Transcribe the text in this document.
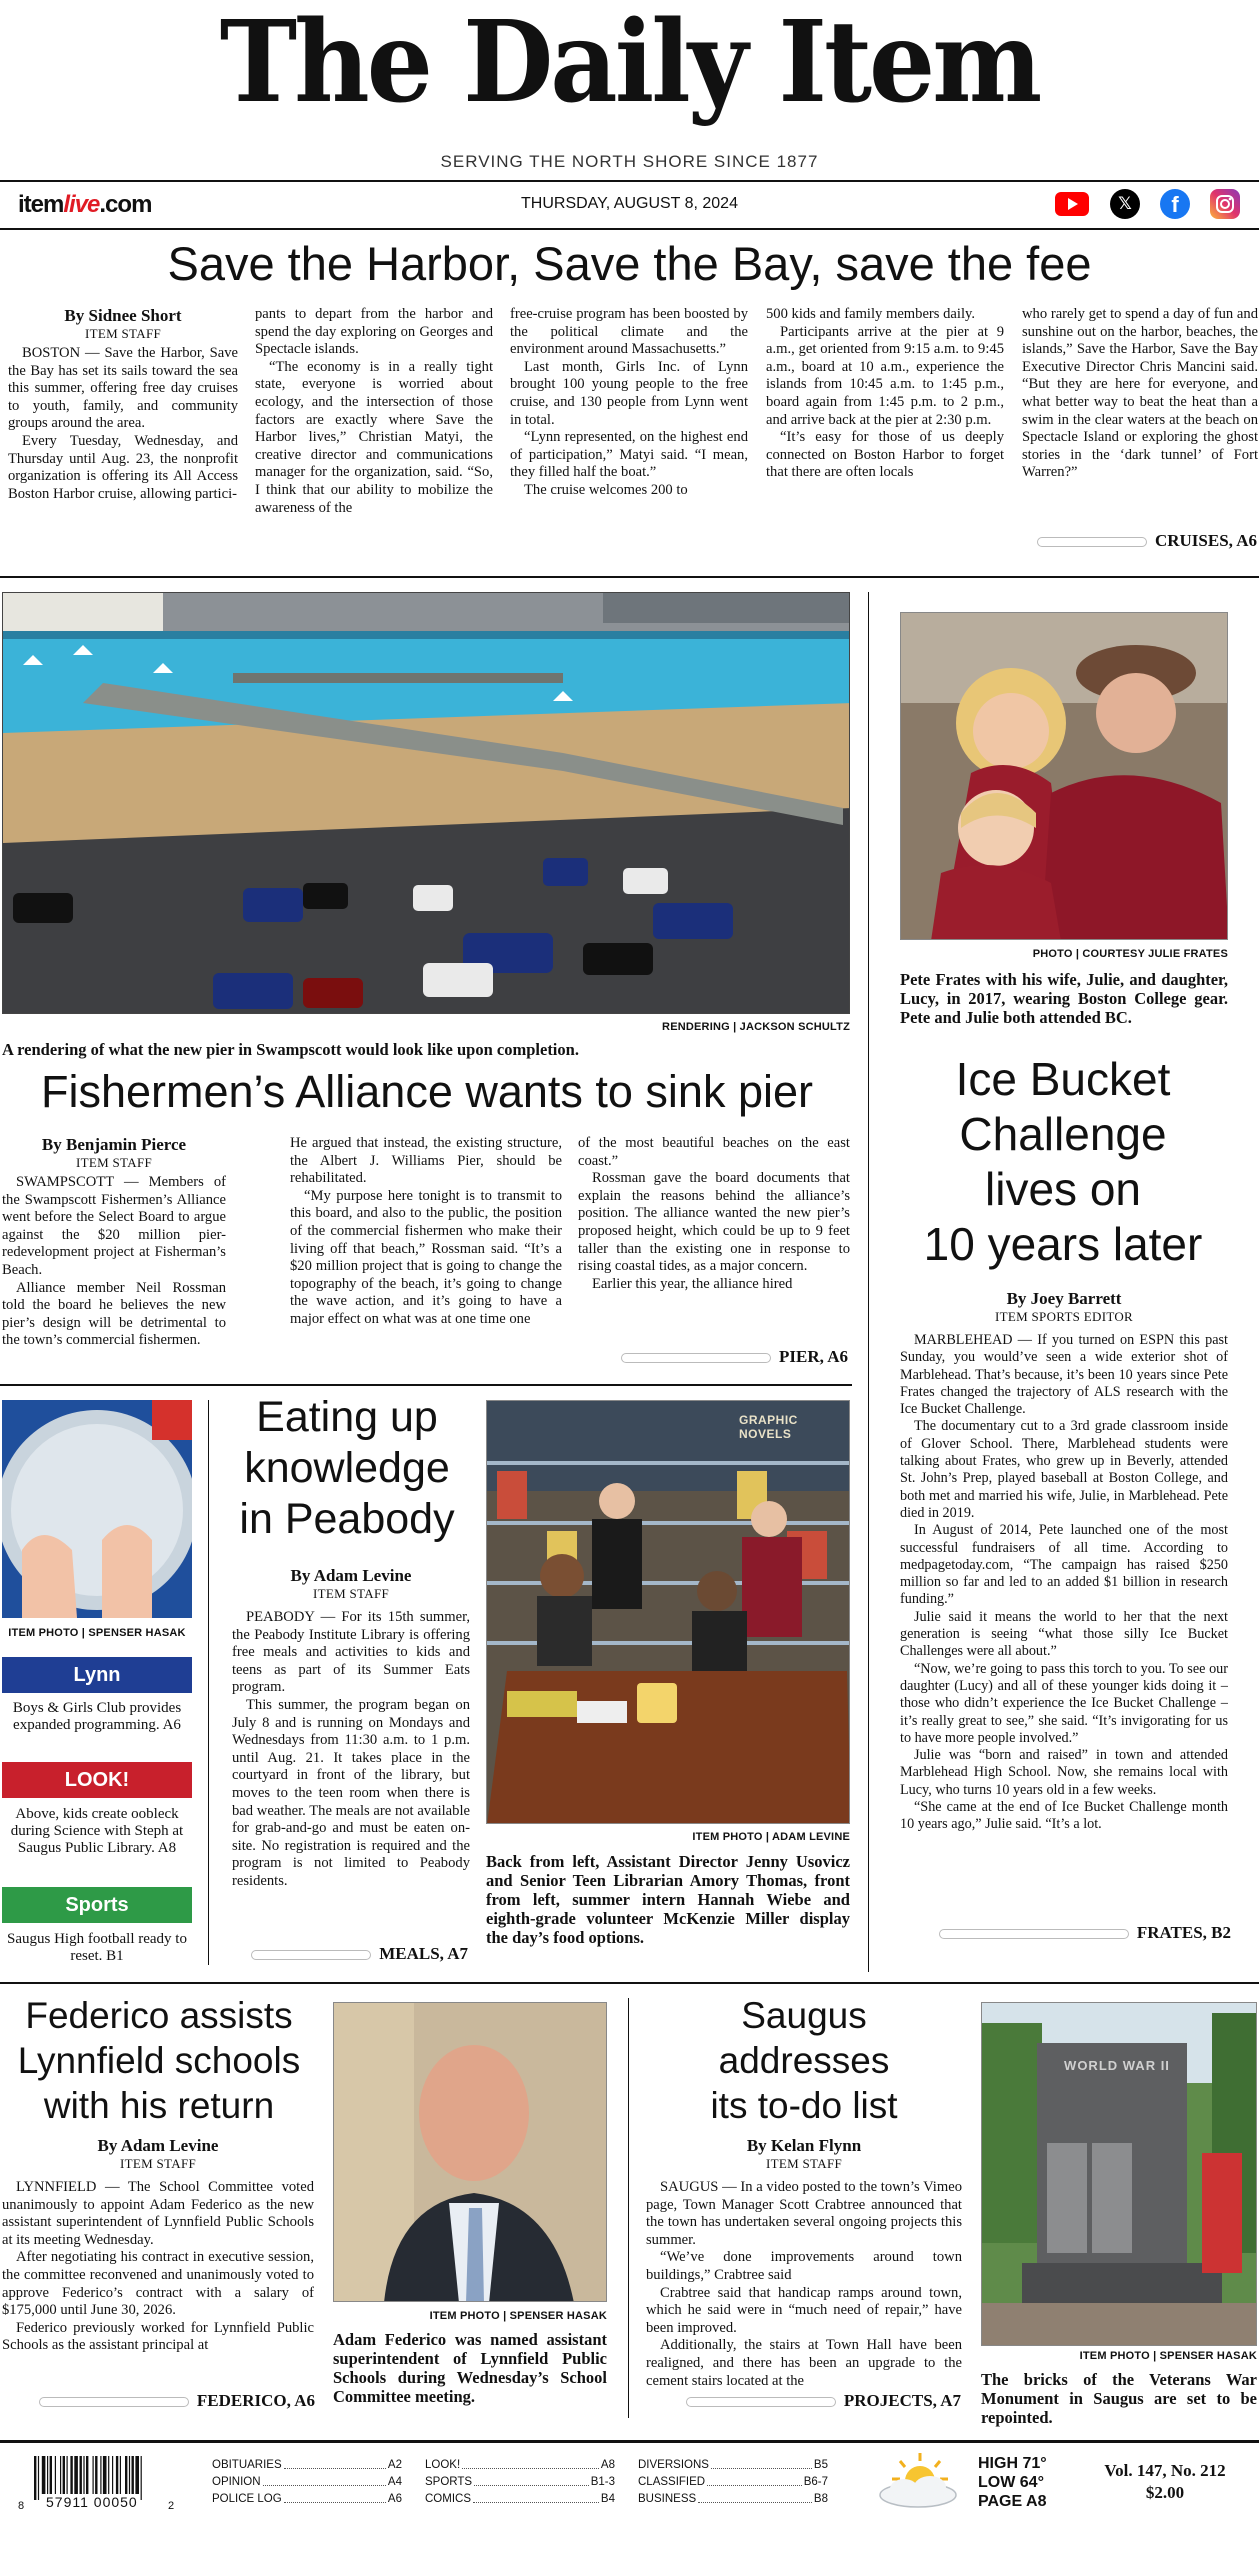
The Daily Item
SERVING THE NORTH SHORE SINCE 1877
itemlive.com	THURSDAY, AUGUST 8, 2024	𝕏	f
Save the Harbor, Save the Bay, save the fee
By Sidnee Short
ITEM STAFF

BOSTON — Save the Harbor, Save the Bay has set its sails toward the sea this summer, offering free day cruises to youth, family, and community groups around the area.

Every Tuesday, Wednesday, and Thursday until Aug. 23, the nonprofit organization is offering its All Access Boston Harbor cruise, allowing partici-

pants to depart from the harbor and spend the day exploring on Georges and Spectacle islands.

“The economy is in a really tight state, everyone is worried about ecology, and the intersection of those factors are exactly where Save the Harbor lives,” Christian Matyi, the creative director and communications manager for the organization, said. “So, I think that our ability to mobilize the awareness of the

free-cruise program has been boosted by the political climate and the environment around Massachusetts.”

Last month, Girls Inc. of Lynn brought 100 young people to the free cruise, and 130 people from Lynn went in total.

“Lynn represented, on the highest end of participation,” Matyi said. “I mean, they filled half the boat.”

The cruise welcomes 200 to

500 kids and family members daily.

Participants arrive at the pier at 9 a.m., get oriented from 9:15 a.m. to 9:45 a.m., board at 10 a.m., experience the islands from 10:45 a.m. to 1:45 p.m., board again from 1:45 p.m. to 2 p.m., and arrive back at the pier at 2:30 p.m.

“It’s easy for those of us deeply connected on Boston Harbor to forget that there are often locals

who rarely get to spend a day of fun and sunshine out on the harbor, beaches, the islands,” Save the Harbor, Save the Bay Executive Director Chris Mancini said. “But they are here for everyone, and what better way to beat the heat than a swim in the clear waters at the beach on Spectacle Island or exploring the ghost stories in the ‘dark tunnel’ of Fort Warren?”

CRUISES, A6
RENDERING | JACKSON SCHULTZ
A rendering of what the new pier in Swampscott would look like upon completion.
Fishermen’s Alliance wants to sink pier
By Benjamin Pierce
ITEM STAFF

SWAMPSCOTT — Members of the Swampscott Fishermen’s Alliance went before the Select Board to argue against the $20 million pier-redevelopment project at Fisherman’s Beach.

Alliance member Neil Rossman told the board he believes the new pier’s design will be detrimental to the town’s commercial fishermen.

He argued that instead, the existing structure, the Albert J. Williams Pier, should be rehabilitated.

“My purpose here tonight is to transmit to this board, and also to the public, the position of the commercial fishermen who make their living off that beach,” Rossman said. “It’s a $20 million project that is going to change the topography of the beach, it’s going to change the wave action, and it’s going to have a major effect on what was at one time one

of the most beautiful beaches on the east coast.”

Rossman gave the board documents that explain the reasons behind the alliance’s position. The alliance wanted the new pier’s proposed height, which could be up to 9 feet taller than the existing one in response to rising coastal tides, as a major concern.

Earlier this year, the alliance hired

PIER, A6
PHOTO | COURTESY JULIE FRATES
Pete Frates with his wife, Julie, and daughter, Lucy, in 2017, wearing Boston College gear. Pete and Julie both attended BC.
Ice Bucket
Challenge
lives on
10 years later
By Joey Barrett
ITEM SPORTS EDITOR

MARBLEHEAD — If you turned on ESPN this past Sunday, you would’ve seen a wide exterior shot of Marblehead. That’s because, it’s been 10 years since Pete Frates changed the trajectory of ALS research with the Ice Bucket Challenge.

The documentary cut to a 3rd grade classroom inside of Glover School. There, Marblehead students were talking about Frates, who grew up in Beverly, attended St. John’s Prep, played baseball at Boston College, and both met and married his wife, Julie, in Marblehead. Pete died in 2019.

In August of 2014, Pete launched one of the most successful fundraisers of all time. According to medpagetoday.com, “The campaign has raised $250 million so far and led to an added $1 billion in research funding.”

Julie said it means the world to her that the next generation is seeing “what those silly Ice Bucket Challenges were all about.”

“Now, we’re going to pass this torch to you. To see our daughter (Lucy) and all of these younger kids doing it – those who didn’t experience the Ice Bucket Challenge – it’s really great to see,” she said. “It’s invigorating for us to have more people involved.”

Julie was “born and raised” in town and attended Marblehead High School. Now, she remains local with Lucy, who turns 10 years old in a few weeks.

“She came at the end of Ice Bucket Challenge month 10 years ago,” Julie said. “It’s a lot.

FRATES, B2
ITEM PHOTO | SPENSER HASAK
Lynn
Boys & Girls Club provides expanded programming. A6
LOOK!
Above, kids create oobleck during Science with Steph at Saugus Public Library. A8
Sports
Saugus High football ready to reset. B1
Eating up
knowledge
in Peabody
By Adam Levine
ITEM STAFF

PEABODY — For its 15th summer, the Peabody Institute Library is offering free meals and activities to kids and teens as part of its Summer Eats program.

This summer, the program began on July 8 and is running on Mondays and Wednesdays from 11:30 a.m. to 1 p.m. until Aug. 21. It takes place in the courtyard in front of the library, but moves to the teen room when there is bad weather. The meals are not available for grab-and-go and must be eaten on-site. No registration is required and the program is not limited to Peabody residents.

MEALS, A7
GRAPHIC NOVELS
ITEM PHOTO | ADAM LEVINE
Back from left, Assistant Director Jenny Usovicz and Senior Teen Librarian Amory Thomas, front from left, summer intern Hannah Wiebe and eighth-grade volunteer McKenzie Miller display the day’s food options.
Federico assists
Lynnfield schools
with his return
By Adam Levine
ITEM STAFF

LYNNFIELD — The School Committee voted unanimously to appoint Adam Federico as the new assistant superintendent of Lynnfield Public Schools at its meeting Wednesday.

After negotiating his contract in executive session, the committee reconvened and unanimously voted to approve Federico’s contract with a salary of $175,000 until June 30, 2026.

Federico previously worked for Lynnfield Public Schools as the assistant principal at

FEDERICO, A6
ITEM PHOTO | SPENSER HASAK
Adam Federico was named assistant superintendent of Lynnfield Public Schools during Wednesday’s School Committee meeting.
Saugus
addresses
its to-do list
By Kelan Flynn
ITEM STAFF

SAUGUS — In a video posted to the town’s Vimeo page, Town Manager Scott Crabtree announced that the town has undertaken several ongoing projects this summer.

“We’ve done improvements around town buildings,” Crabtree said

Crabtree said that handicap ramps around town, which he said were in “much need of repair,” have been improved.

Additionally, the stairs at Town Hall have been realigned, and there has been an upgrade to the cement stairs located at the

PROJECTS, A7
WORLD WAR II
ITEM PHOTO | SPENSER HASAK
The bricks of the Veterans War Monument in Saugus are set to be repointed.
8 57911 00050	2
OBITUARIES	A2
OPINION	A4
POLICE LOG	A6
LOOK!	A8
SPORTS	B1-3
COMICS	B4
DIVERSIONS	B5
CLASSIFIED	B6-7
BUSINESS	B8
HIGH 71°
LOW 64°
PAGE A8
Vol. 147, No. 212
$2.00
